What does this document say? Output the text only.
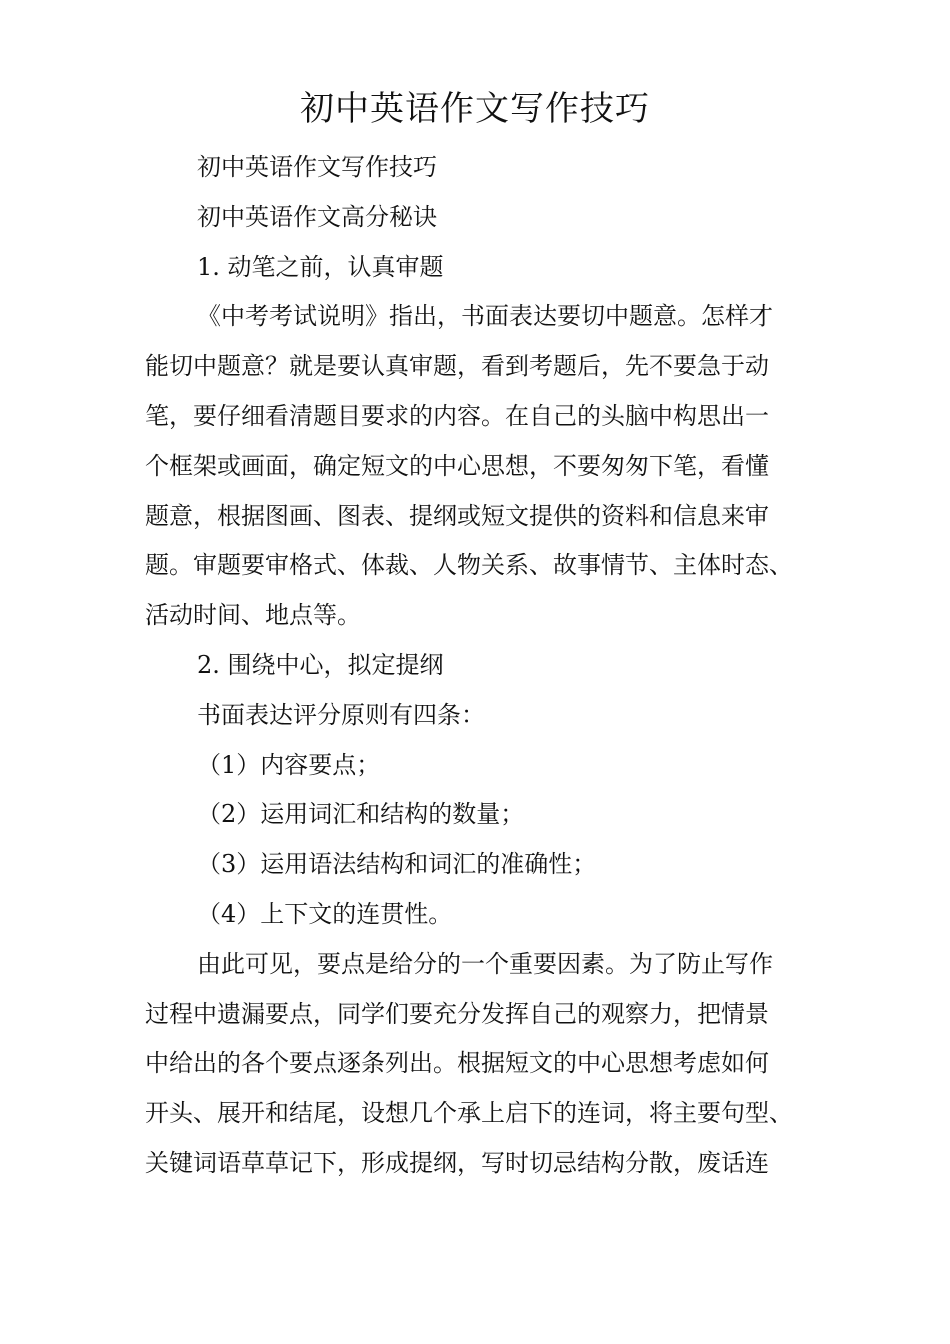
初中英语作文写作技巧
初中英语作文写作技巧
初中英语作文高分秘诀
1. 动笔之前，认真审题
《中考考试说明》指出，书面表达要切中题意。怎样才
能切中题意？就是要认真审题，看到考题后，先不要急于动
笔，要仔细看清题目要求的内容。在自己的头脑中构思出一
个框架或画面，确定短文的中心思想，不要匆匆下笔，看懂
题意，根据图画、图表、提纲或短文提供的资料和信息来审
题。审题要审格式、体裁、人物关系、故事情节、主体时态、
活动时间、地点等。
2. 围绕中心，拟定提纲
书面表达评分原则有四条：
（1）内容要点；
（2）运用词汇和结构的数量；
（3）运用语法结构和词汇的准确性；
（4）上下文的连贯性。
由此可见，要点是给分的一个重要因素。为了防止写作
过程中遗漏要点，同学们要充分发挥自己的观察力，把情景
中给出的各个要点逐条列出。根据短文的中心思想考虑如何
开头、展开和结尾，设想几个承上启下的连词，将主要句型、
关键词语草草记下，形成提纲，写时切忌结构分散，废话连
